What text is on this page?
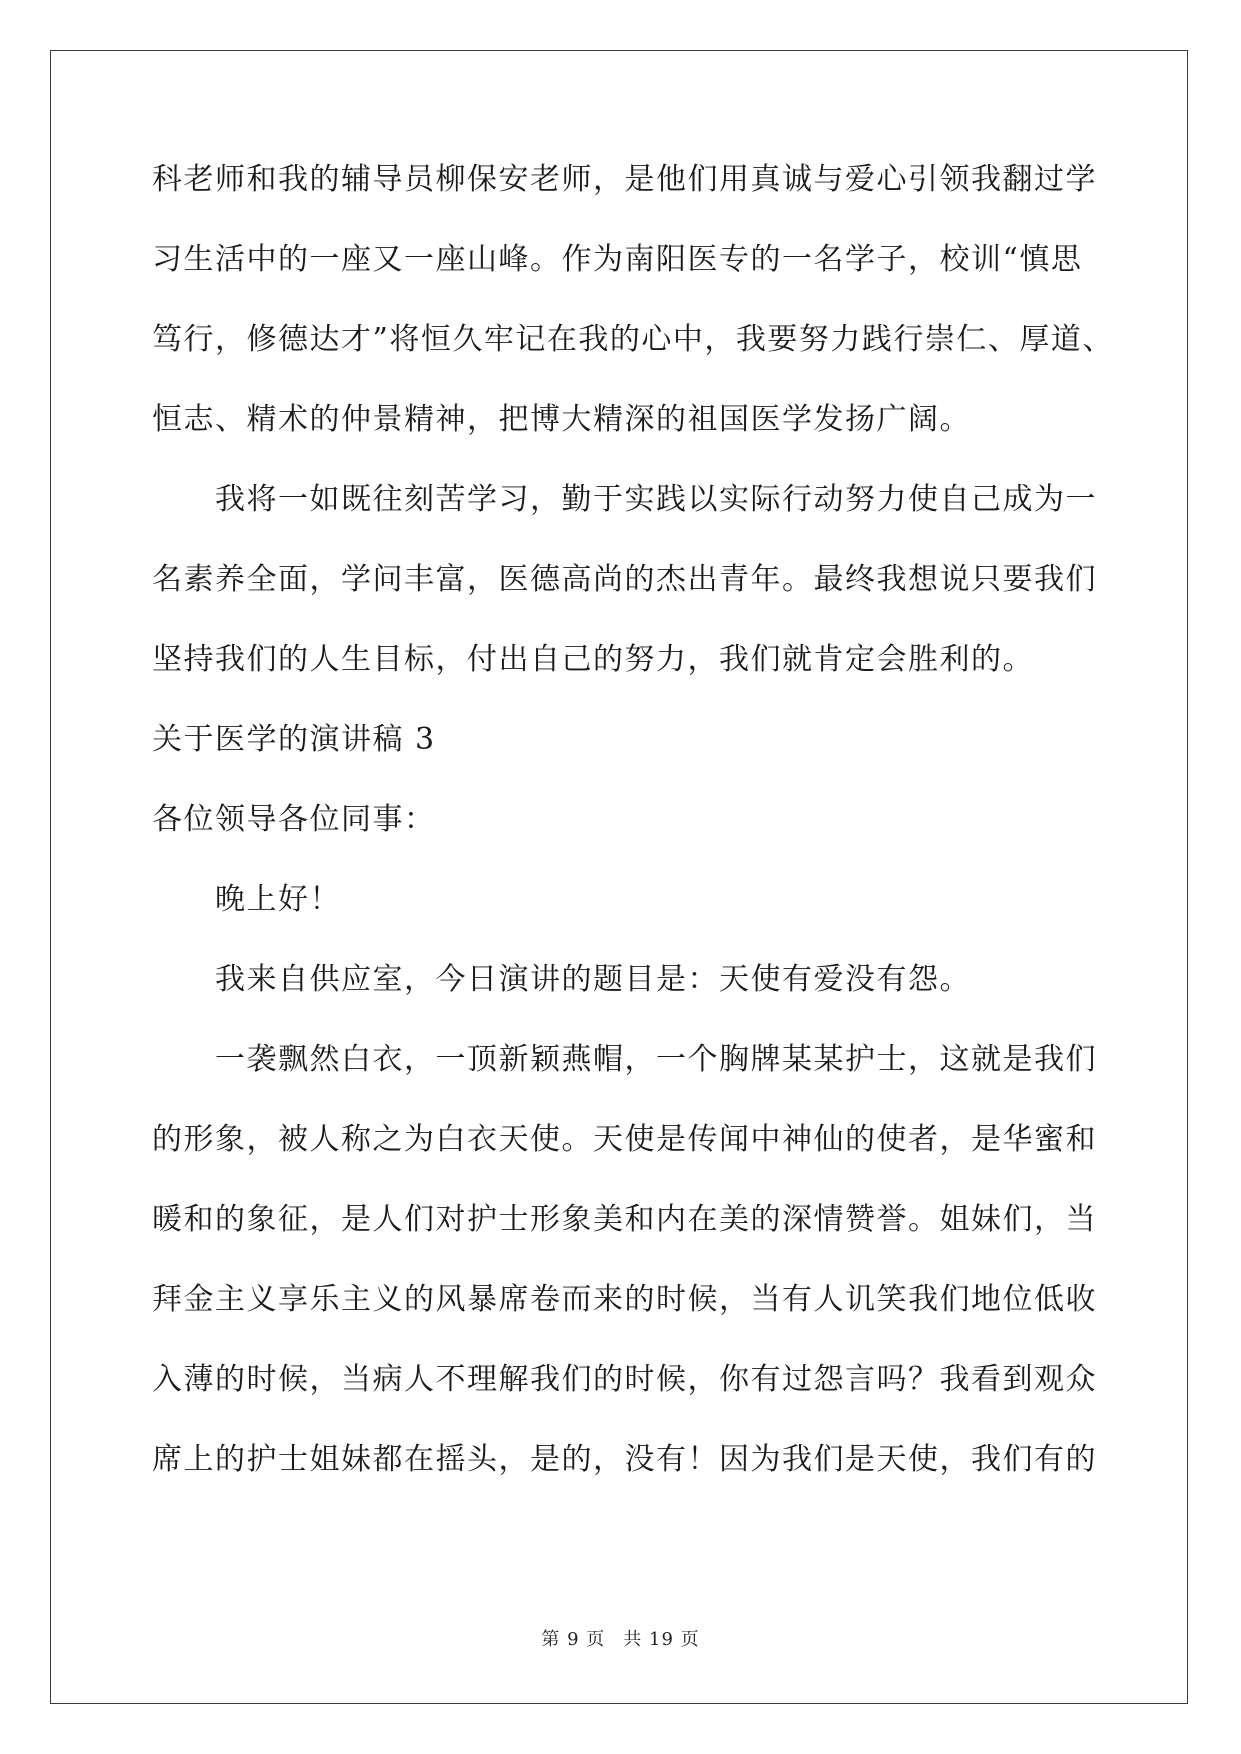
科老师和我的辅导员柳保安老师，是他们用真诚与爱心引领我翻过学
习生活中的一座又一座山峰。作为南阳医专的一名学子，校训“慎思
笃行，修德达才”将恒久牢记在我的心中，我要努力践行崇仁、厚道、
恒志、精术的仲景精神，把博大精深的祖国医学发扬广阔。
我将一如既往刻苦学习，勤于实践以实际行动努力使自己成为一
名素养全面，学问丰富，医德高尚的杰出青年。最终我想说只要我们
坚持我们的人生目标，付出自己的努力，我们就肯定会胜利的。
关于医学的演讲稿 3
各位领导各位同事：
晚上好！
我来自供应室，今日演讲的题目是：天使有爱没有怨。
一袭飘然白衣，一顶新颖燕帽，一个胸牌某某护士，这就是我们
的形象，被人称之为白衣天使。天使是传闻中神仙的使者，是华蜜和
暖和的象征，是人们对护士形象美和内在美的深情赞誉。姐妹们，当
拜金主义享乐主义的风暴席卷而来的时候，当有人讥笑我们地位低收
入薄的时候，当病人不理解我们的时候，你有过怨言吗？我看到观众
席上的护士姐妹都在摇头，是的，没有！因为我们是天使，我们有的
第 9 页 共 19 页
